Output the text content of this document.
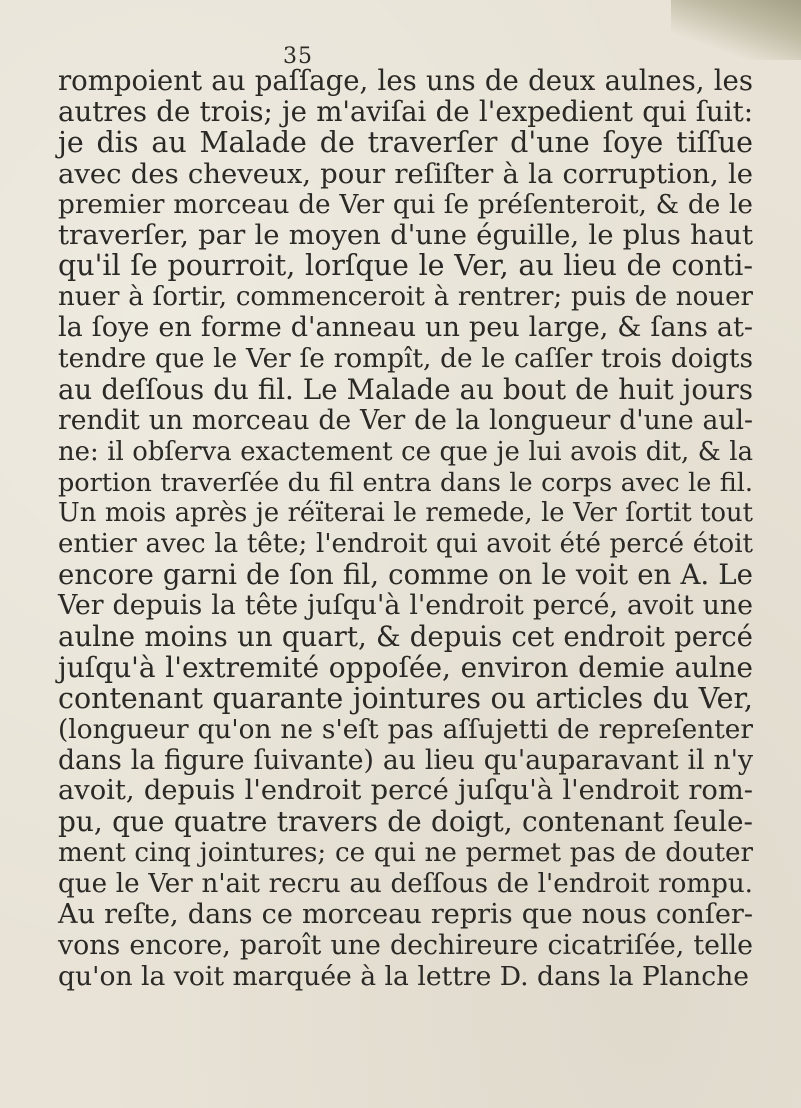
35
rompoient au paſſage, les uns de deux aulnes, les
autres de trois; je m'aviſai de l'expedient qui ſuit:
je dis au Malade de traverſer d'une ſoye tiſſue
avec des cheveux, pour reſiſter à la corruption, le
premier morceau de Ver qui ſe préſenteroit, & de le
traverſer, par le moyen d'une éguille, le plus haut
qu'il ſe pourroit, lorſque le Ver, au lieu de conti-
nuer à ſortir, commenceroit à rentrer; puis de nouer
la ſoye en forme d'anneau un peu large, & ſans at-
tendre que le Ver ſe rompît, de le caſſer trois doigts
au deſſous du fil. Le Malade au bout de huit jours
rendit un morceau de Ver de la longueur d'une aul-
ne: il obſerva exactement ce que je lui avois dit, & la
portion traverſée du fil entra dans le corps avec le fil.
Un mois après je réïterai le remede, le Ver ſortit tout
entier avec la tête; l'endroit qui avoit été percé étoit
encore garni de ſon fil, comme on le voit en A. Le
Ver depuis la tête juſqu'à l'endroit percé, avoit une
aulne moins un quart, & depuis cet endroit percé
juſqu'à l'extremité oppoſée, environ demie aulne
contenant quarante jointures ou articles du Ver,
(longueur qu'on ne s'eſt pas aſſujetti de repreſenter
dans la figure ſuivante) au lieu qu'auparavant il n'y
avoit, depuis l'endroit percé juſqu'à l'endroit rom-
pu, que quatre travers de doigt, contenant ſeule-
ment cinq jointures; ce qui ne permet pas de douter
que le Ver n'ait recru au deſſous de l'endroit rompu.
Au reſte, dans ce morceau repris que nous conſer-
vons encore, paroît une dechireure cicatriſée, telle
qu'on la voit marquée à la lettre D. dans la Planche
